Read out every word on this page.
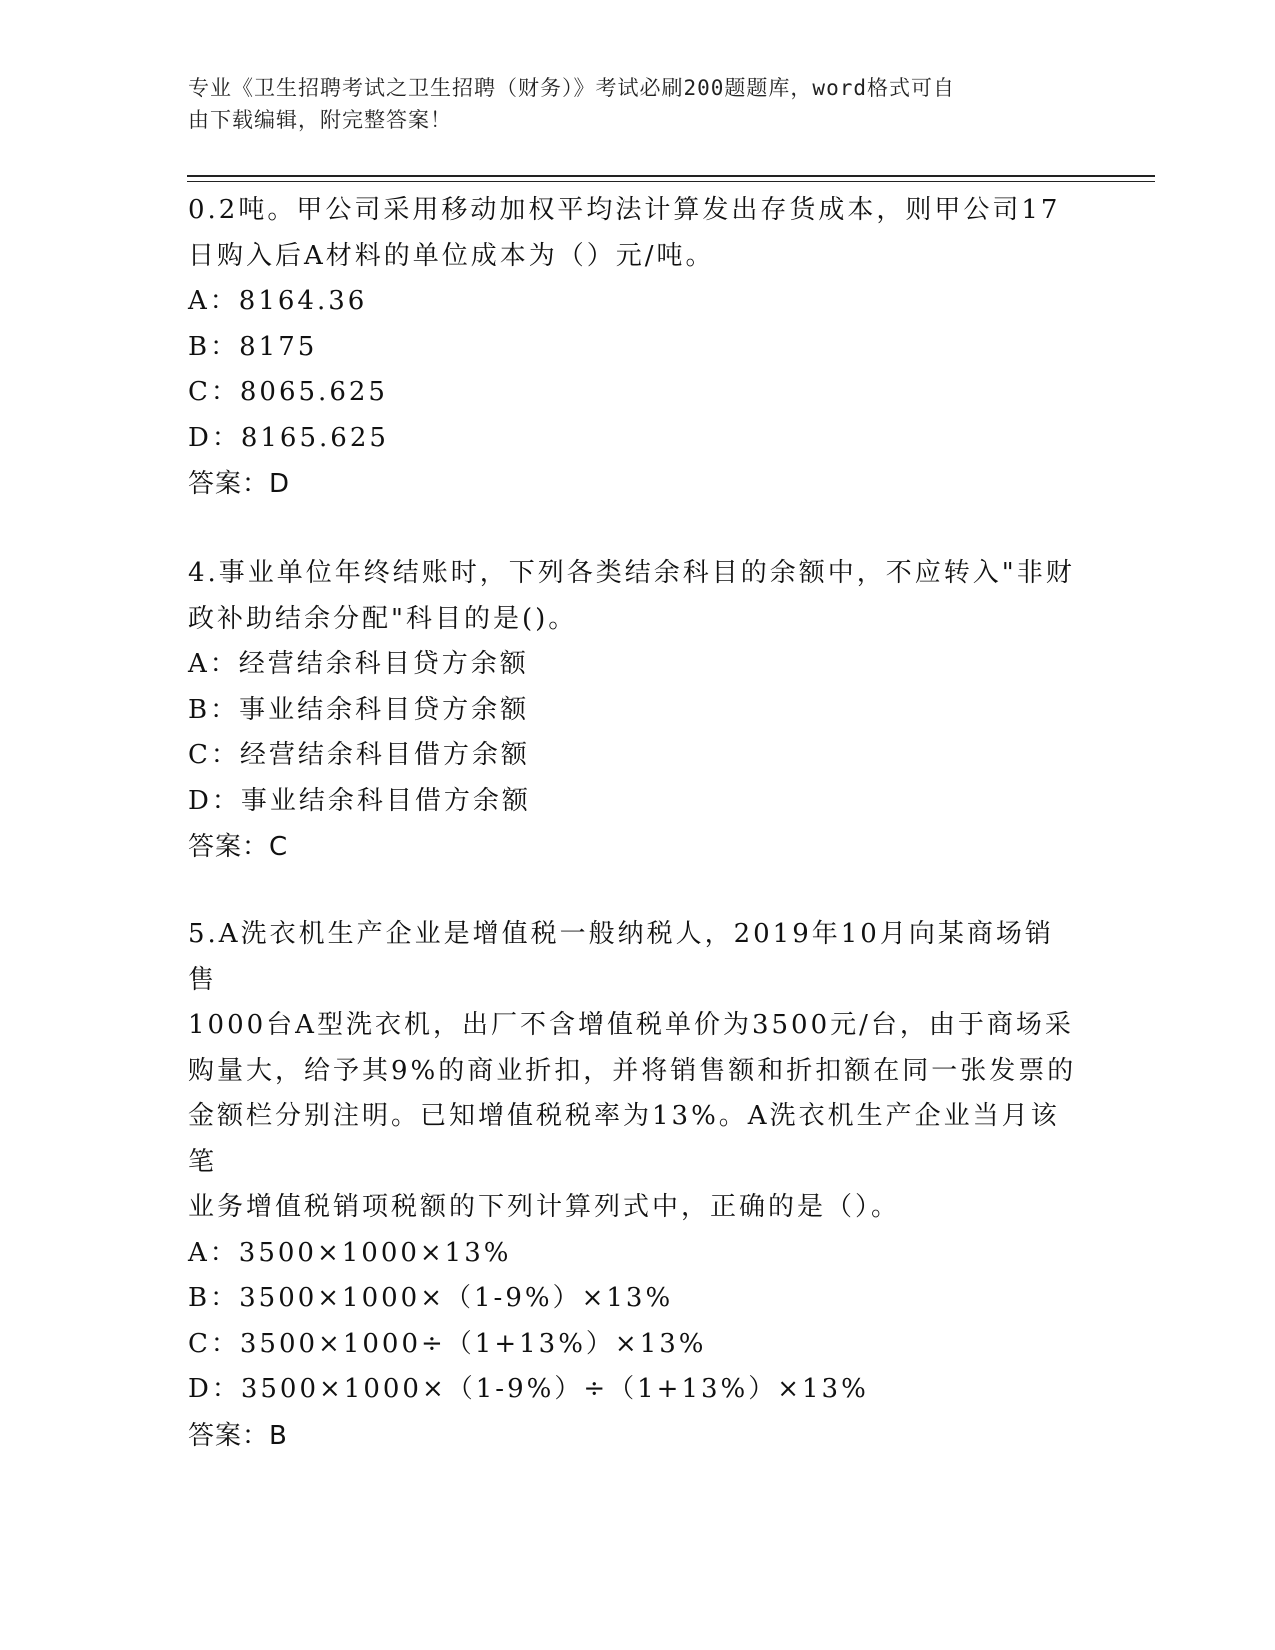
专业《卫生招聘考试之卫生招聘（财务）》考试必刷200题题库，word格式可自
由下载编辑，附完整答案！
0.2吨。甲公司采用移动加权平均法计算发出存货成本，则甲公司17
日购入后A材料的单位成本为（）元/吨。
A：8164.36
B：8175
C：8065.625
D：8165.625
答案：D
4.事业单位年终结账时，下列各类结余科目的余额中，不应转入"非财
政补助结余分配"科目的是()。
A：经营结余科目贷方余额
B：事业结余科目贷方余额
C：经营结余科目借方余额
D：事业结余科目借方余额
答案：C
5.A洗衣机生产企业是增值税一般纳税人，2019年10月向某商场销售
1000台A型洗衣机，出厂不含增值税单价为3500元/台，由于商场采
购量大，给予其9%的商业折扣，并将销售额和折扣额在同一张发票的
金额栏分别注明。已知增值税税率为13%。A洗衣机生产企业当月该笔
业务增值税销项税额的下列计算列式中，正确的是（）。
A：3500×1000×13%
B：3500×1000×（1-9%）×13%
C：3500×1000÷（1+13%）×13%
D：3500×1000×（1-9%）÷（1+13%）×13%
答案：B
